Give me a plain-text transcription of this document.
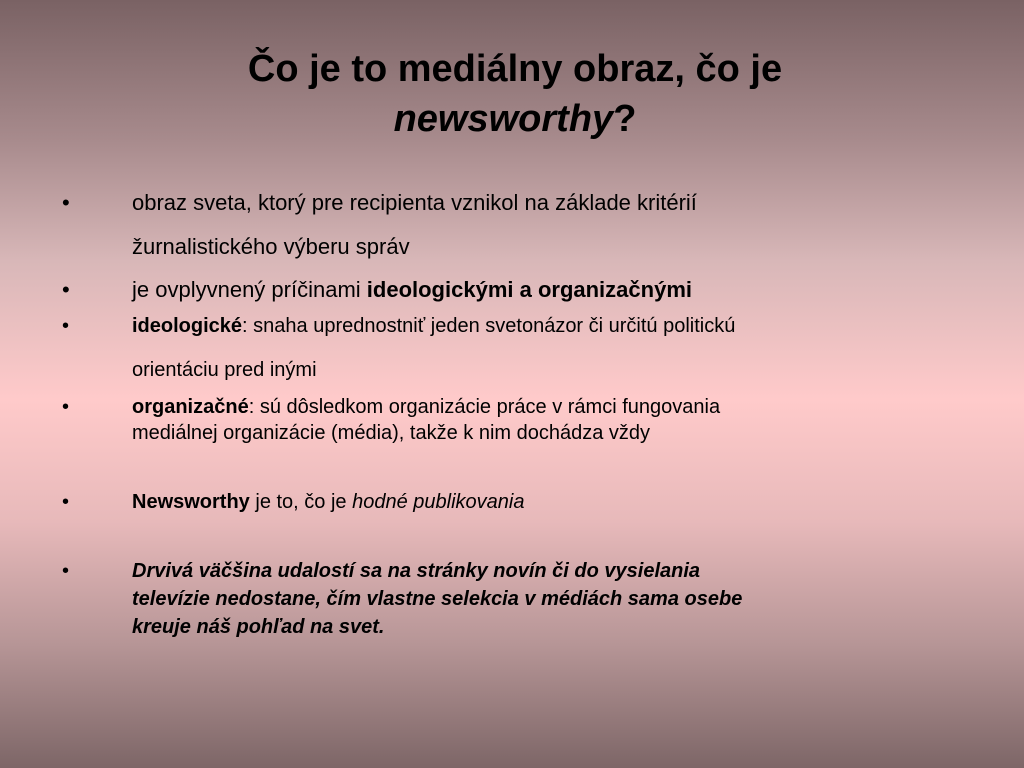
Čo je to mediálny obraz, čo je
newsworthy?
•	obraz sveta, ktorý pre recipienta vznikol na základe kritérií
žurnalistického výberu správ
•	je ovplyvnený príčinami ideologickými a organizačnými
•	ideologické: snaha uprednostniť jeden svetonázor či určitú politickú
orientáciu pred inými
•	organizačné: sú dôsledkom organizácie práce v rámci fungovania
mediálnej organizácie (média), takže k nim dochádza vždy
•	Newsworthy je to, čo je hodné publikovania
•	Drvivá väčšina udalostí sa na stránky novín či do vysielania
televízie nedostane, čím vlastne selekcia v médiách sama osebe
kreuje náš pohľad na svet.
